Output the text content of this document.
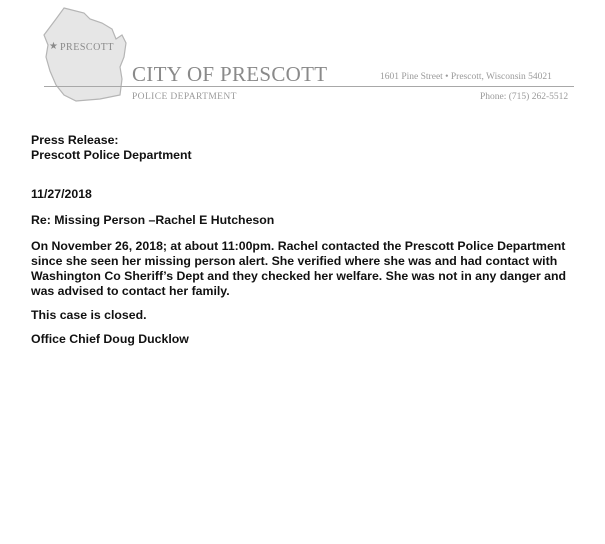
★ PRESCOTT
CITY OF PRESCOTT	1601 Pine Street • Prescott, Wisconsin 54021
POLICE DEPARTMENT	Phone: (715) 262-5512

Press Release:

Prescott Police Department

11/27/2018

Re: Missing Person –Rachel E Hutcheson

On November 26, 2018; at about 11:00pm. Rachel contacted the Prescott Police Department since she seen her missing person alert. She verified where she was and had contact with Washington Co Sheriff’s Dept and they checked her welfare. She was not in any danger and was advised to contact her family.

This case is closed.

Office Chief Doug Ducklow
